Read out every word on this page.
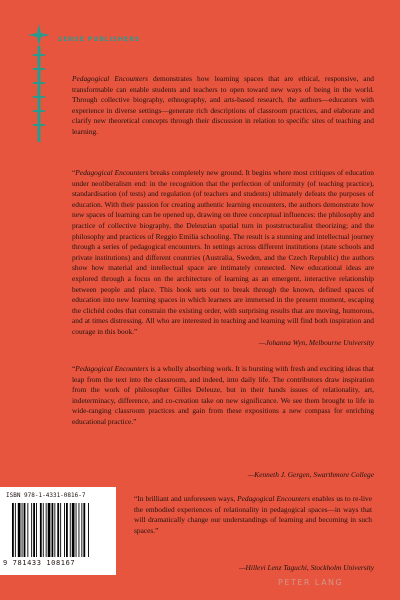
SENSE PUBLISHERS

Pedagogical Encounters demonstrates how learning spaces that are ethical, responsive, and transformable can enable students and teachers to open toward new ways of being in the world. Through collective biography, ethnography, and arts-based research, the authors—educators with experience in diverse settings—generate rich descriptions of classroom practices, and elaborate and clarify new theoretical concepts through their discussion in relation to specific sites of teaching and learning.

“Pedagogical Encounters breaks completely new ground. It begins where most critiques of education under neoliberalism end: in the recognition that the perfection of uniformity (of teaching practice), standardisation (of tests) and regulation (of teachers and students) ultimately defeats the purposes of education. With their passion for creating authentic learning encounters, the authors demonstrate how new spaces of learning can be opened up, drawing on three conceptual influences: the philosophy and practice of collective biography, the Deleuzian spatial turn in poststructuralist theorizing; and the philosophy and practices of Reggio Emilia schooling. The result is a stunning and intellectual journey through a series of pedagogical encounters. In settings across different institutions (state schools and private institutions) and different countries (Australia, Sweden, and the Czech Republic) the authors show how material and intellectual space are intimately connected. New educational ideas are explored through a focus on the architecture of learning as an emergent, interactive relationship between people and place. This book sets out to break through the known, defined spaces of education into new learning spaces in which learners are immersed in the present moment, escaping the clichéd codes that constrain the existing order, with surprising results that are moving, humorous, and at times distressing. All who are interested in teaching and learning will find both inspiration and courage in this book.”

—Johanna Wyn, Melbourne University

“Pedagogical Encounters is a wholly absorbing work. It is bursting with fresh and exciting ideas that leap from the text into the classroom, and indeed, into daily life. The contributors draw inspiration from the work of philosopher Gilles Deleuze, but in their hands issues of relationality, art, indeterminacy, difference, and co-creation take on new significance. We see them brought to life in wide-ranging classroom practices and gain from these expositions a new compass for enriching educational practice.”

—Kenneth J. Gergen, Swarthmore College
ISBN 978-1-4331-0816-7
9 781433 108167

“In brilliant and unforeseen ways, Pedagogical Encounters enables us to re-live the embodied experiences of relationality in pedagogical spaces—in ways that will dramatically change our understandings of learning and becoming in such spaces.”

—Hillevi Lenz Taguchi, Stockholm University
PETER LANG
